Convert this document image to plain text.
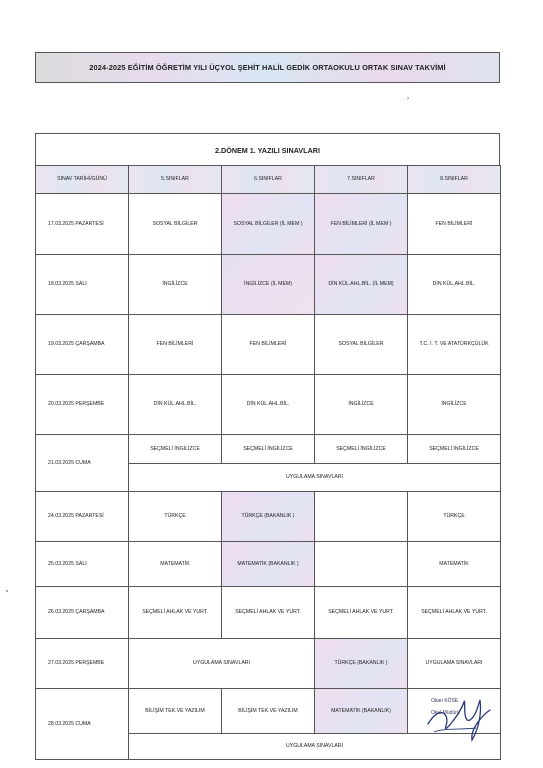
2024-2025 EĞİTİM ÖĞRETİM YILI ÜÇYOL ŞEHİT HALİL GEDİK ORTAOKULU ORTAK SINAV TAKVİMİ
2.DÖNEM 1. YAZILI SINAVLARI
›
SINAV TARİHİ/GÜNÜ	5.SINIFLAR	6.SINIFLAR	7.SINIFLAR	8.SINIFLAR
17.03.2025 PAZARTESİ	SOSYAL BİLGİLER	SOSYAL BİLGİLER (İL MEM )	FEN BİLİMLERİ (İL MEM )	FEN BİLİMLERİ
18.03.2025 SALI	İNGİLİZCE	İNGİLİZCE (İL MEM)	DİN KÜL.AHL.BİL. (İL MEM)	DİN KÜL.AHL.BİL.
19.03.2025 ÇARŞAMBA	FEN BİLİMLERİ	FEN BİLİMLERİ	SOSYAL BİLGİLER	T.C. İ. T. VE ATATÜRKÇÜLÜK
20.03.2025 PERŞEMBE	DİN KÜL.AHL.BİL.	DİN KÜL.AHL.BİL.	İNGİLİZCE	İNGİLİZCE
21.03.2025 CUMA	SEÇMELİ İNGİLİZCE	SEÇMELİ İNGİLİZCE	SEÇMELİ İNGİLİZCE	SEÇMELİ İNGİLİZCE
	UYGULAMA SINAVLARI			
24.03.2025 PAZARTESİ	TÜRKÇE	TÜRKÇE (BAKANLIK )		TÜRKÇE
25.03.2025 SALI	MATEMATİK	MATEMATİK (BAKANLIK )		MATEMATİK
26.03.2025 ÇARŞAMBA	SEÇMELİ AHLAK VE YURT.	SEÇMELİ AHLAK VE YURT.	SEÇMELİ AHLAK VE YURT.	SEÇMELİ AHLAK VE YURT.
27.03.2025 PERŞEMBE	UYGULAMA SINAVLARI		TÜRKÇE (BAKANLIK )	UYGULAMA SINAVLARI
28.03.2025 CUMA	BİLİŞİM TEK.VE YAZILIM	BİLİŞİM TEK.VE YAZILIM	MATEMATİK (BAKANLIK)	
	UYGULAMA SINAVLARI			
Okan KÖSE
Okul Müdürü
